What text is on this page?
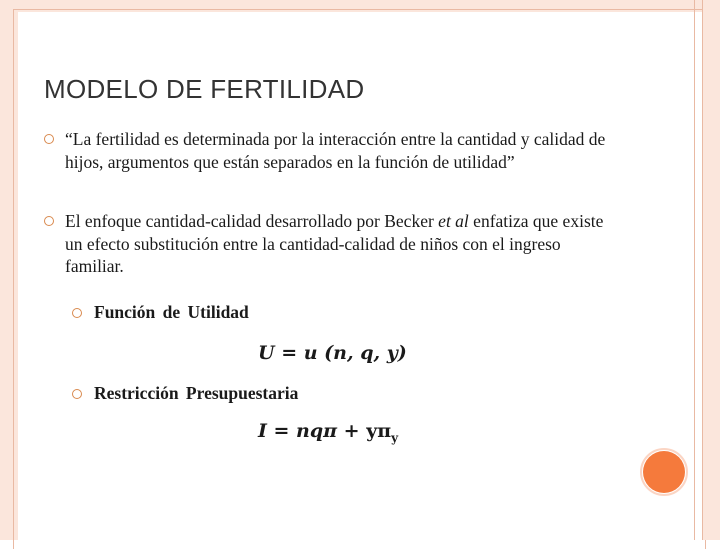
MODELO DE FERTILIDAD
“La fertilidad es determinada por la interacción entre la cantidad y calidad de hijos, argumentos que están separados en la función de utilidad”
El enfoque cantidad-calidad desarrollado por Becker et al enfatiza que existe un efecto substitución entre la cantidad-calidad de niños con el ingreso familiar.
Función de Utilidad
U = u (n, q, y)
Restricción Presupuestaria
$I = nq\pi + y\pi_y$
